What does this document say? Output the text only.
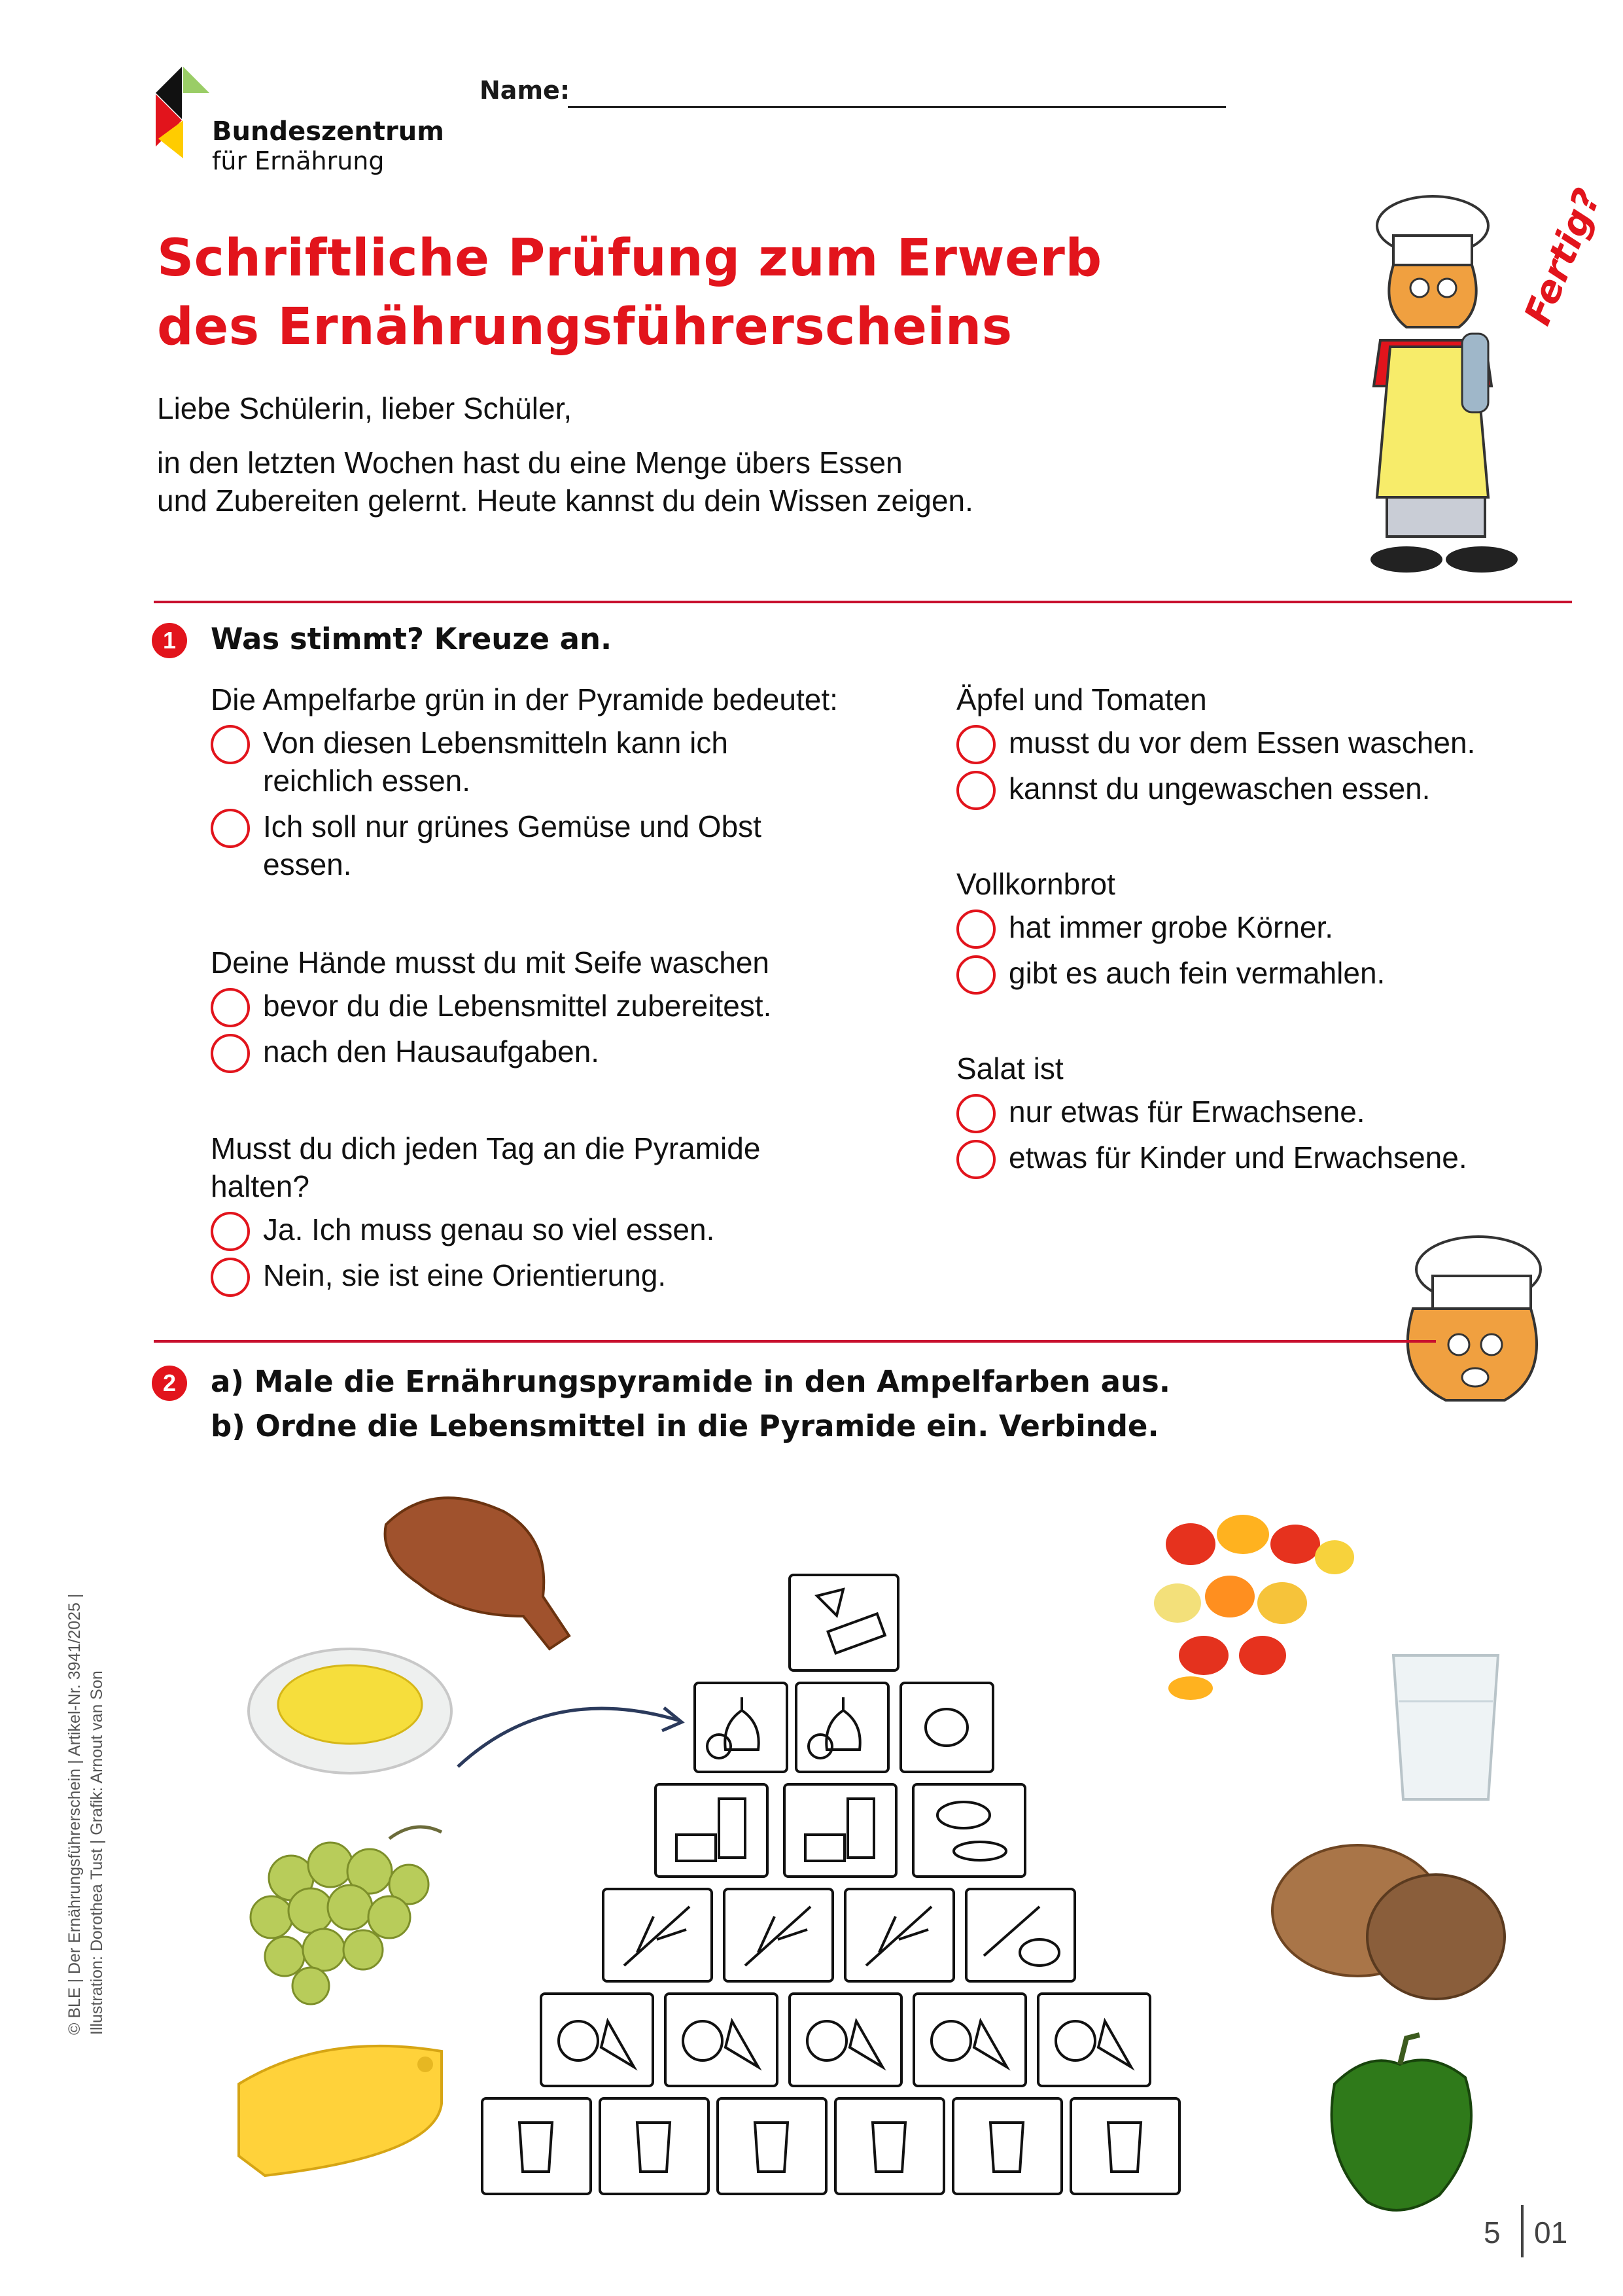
Bundeszentrum
für Ernährung
Name:
Schriftliche Prüfung zum Erwerb
des Ernährungsführerscheins
Liebe Schülerin, lieber Schüler,
in den letzten Wochen hast du eine Menge übers Essen
und Zubereiten gelernt. Heute kannst du dein Wissen zeigen.
Fertig?
1	Was stimmt? Kreuze an.
Die Ampelfarbe grün in der Pyramide bedeutet:
Von diesen Lebensmitteln kann ich
reichlich essen.
Ich soll nur grünes Gemüse und Obst
essen.
Deine Hände musst du mit Seife waschen
bevor du die Lebensmittel zubereitest.
nach den Hausaufgaben.
Musst du dich jeden Tag an die Pyramide
halten?
Ja. Ich muss genau so viel essen.
Nein, sie ist eine Orientierung.
Äpfel und Tomaten
musst du vor dem Essen waschen.
kannst du ungewaschen essen.
Vollkornbrot
hat immer grobe Körner.
gibt es auch fein vermahlen.
Salat ist
nur etwas für Erwachsene.
etwas für Kinder und Erwachsene.
2	a) Male die Ernährungspyramide in den Ampelfarben aus.
b) Ordne die Lebensmittel in die Pyramide ein. Verbinde.
© BLE | Der Ernährungsführerschein | Artikel-Nr. 3941/2025 | Illustration: Dorothea Tust | Grafik: Arnout van Son
5 01
